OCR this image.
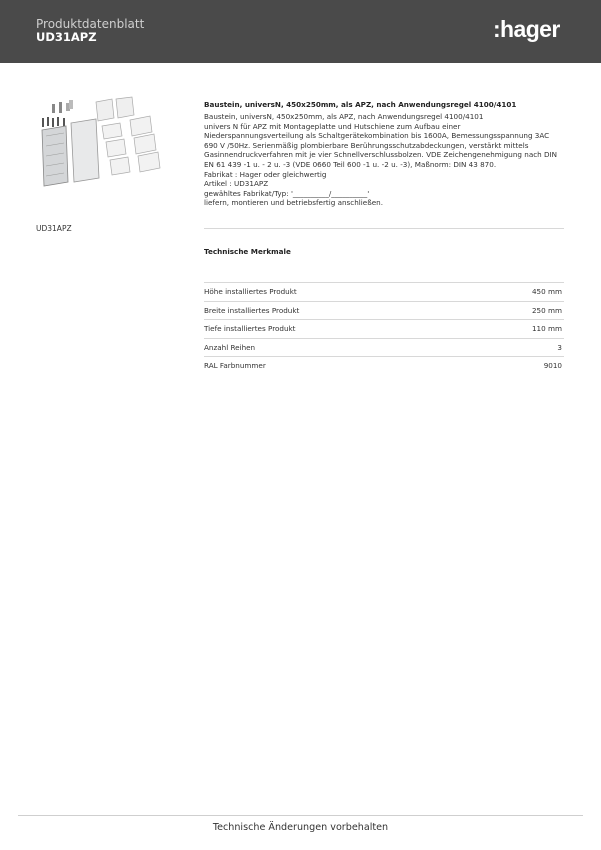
Produktdatenblatt
UD31APZ	:hager
UD31APZ
Baustein, universN, 450x250mm, als APZ, nach Anwendungsregel 4100/4101
Baustein, universN, 450x250mm, als APZ, nach Anwendungsregel 4100/4101
univers N für APZ mit Montageplatte und Hutschiene zum Aufbau einer
Niederspannungsverteilung als Schaltgerätekombination bis 1600A, Bemessungsspannung 3AC
690 V /50Hz. Serienmäßig plombierbare Berührungsschutzabdeckungen, verstärkt mittels
Gasinnendruckverfahren mit je vier Schnellverschlussbolzen. VDE Zeichengenehmigung nach DIN
EN 61 439 -1 u. - 2 u. -3 (VDE 0660 Teil 600 -1 u. -2 u. -3), Maßnorm: DIN 43 870.
Fabrikat : Hager oder gleichwertig
Artikel : UD31APZ
gewähltes Fabrikat/Typ: '__________/__________'
liefern, montieren und betriebsfertig anschließen.
Technische Merkmale
Höhe installiertes Produkt	450 mm
Breite installiertes Produkt	250 mm
Tiefe installiertes Produkt	110 mm
Anzahl Reihen	3
RAL Farbnummer	9010
Technische Änderungen vorbehalten
